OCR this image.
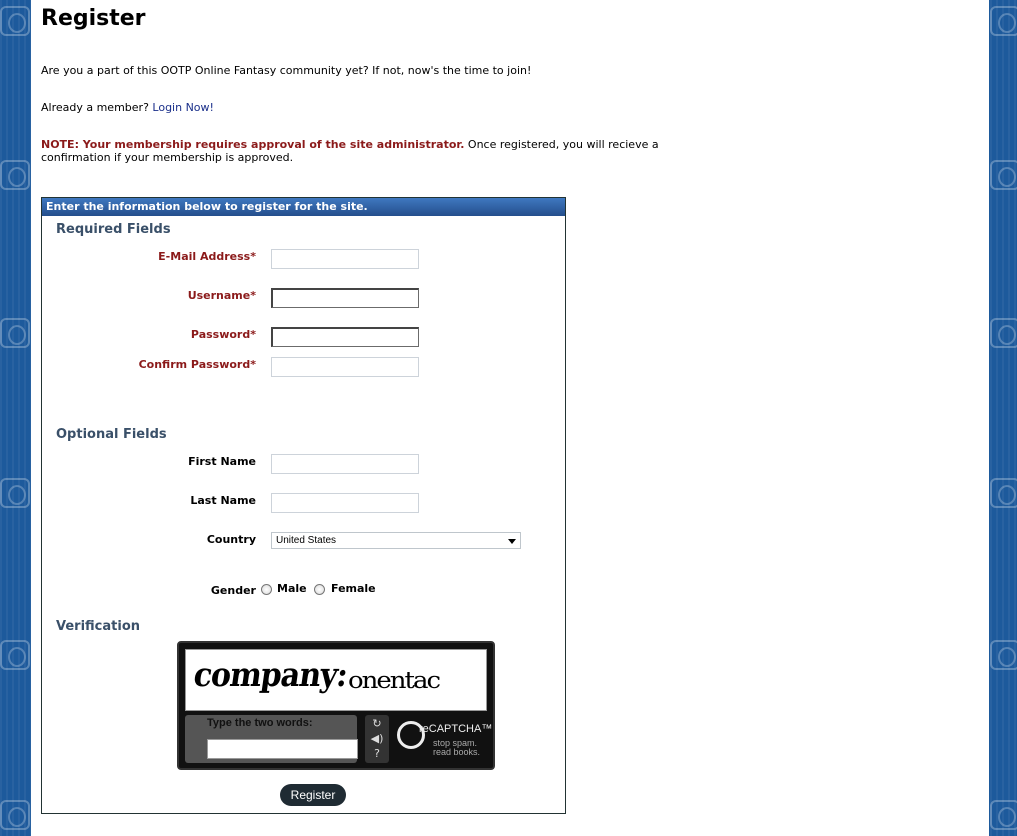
Register
Are you a part of this OOTP Online Fantasy community yet? If not, now's the time to join!
Already a member? Login Now!
NOTE: Your membership requires approval of the site administrator. Once registered, you will recieve a confirmation if your membership is approved.
Enter the information below to register for the site.
Required Fields
E-Mail Address*
Username*
Password*
Confirm Password*
Optional Fields
First Name
Last Name
Country	United States
Gender Male Female
Verification
company:
onentac
Type the two words:	↻
◀)
?
reCAPTCHA™
stop spam.
read books.
Register
